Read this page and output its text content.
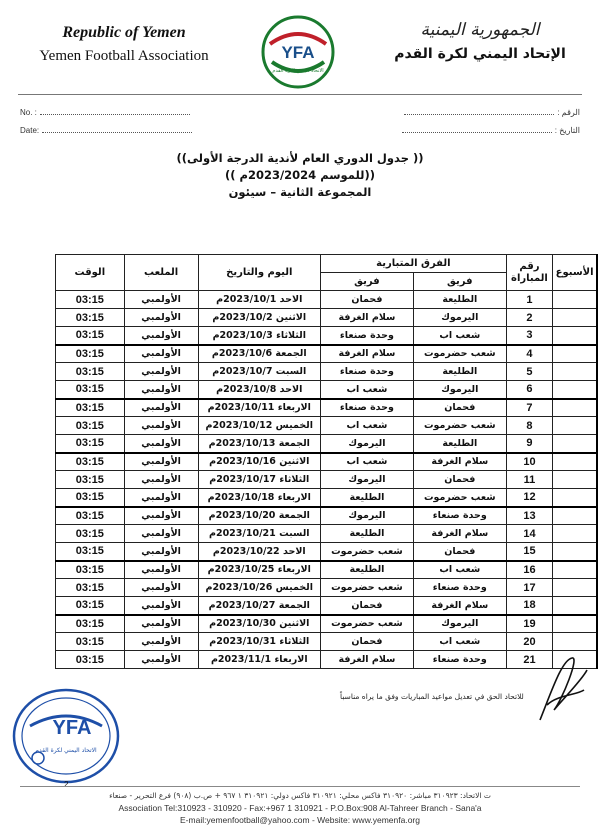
Republic of Yemen
Yemen Football Association	YFA
الاتحاد اليمني لكرة القدم
الجمهورية اليمنية
الإتحاد اليمني لكرة القدم
No. :
Date:
الرقم :
التاريخ :
(( جدول الدوري العام لأندية الدرجة الأولى))
((للموسم 2023/2024م ))
المجموعة الثانية – سيئون
الأسبوع	رقم المباراة	الفرق المتبارية		اليوم والتاريخ	الملعب	الوقت
		فريق	فريق			
	1	الطليعة	فحمان	الاحد 2023/10/1م	الأولمبي	03:15
	2	اليرموك	سلام الغرفة	الاثنين 2023/10/2م	الأولمبي	03:15
	3	شعب اب	وحدة صنعاء	الثلاثاء 2023/10/3م	الأولمبي	03:15
	4	شعب حضرموت	سلام الغرفة	الجمعة 2023/10/6م	الأولمبي	03:15
	5	الطليعة	وحدة صنعاء	السبت 2023/10/7م	الأولمبي	03:15
	6	اليرموك	شعب اب	الاحد 2023/10/8م	الأولمبي	03:15
	7	فحمان	وحدة صنعاء	الاربعاء 2023/10/11م	الأولمبي	03:15
	8	شعب حضرموت	شعب اب	الخميس 2023/10/12م	الأولمبي	03:15
	9	الطليعة	اليرموك	الجمعة 2023/10/13م	الأولمبي	03:15
	10	سلام الغرفة	شعب اب	الاثنين 2023/10/16م	الأولمبي	03:15
	11	فحمان	اليرموك	الثلاثاء 2023/10/17م	الأولمبي	03:15
	12	شعب حضرموت	الطليعة	الاربعاء 2023/10/18م	الأولمبي	03:15
	13	وحدة صنعاء	اليرموك	الجمعة 2023/10/20م	الأولمبي	03:15
	14	سلام الغرفة	الطليعة	السبت 2023/10/21م	الأولمبي	03:15
	15	فحمان	شعب حضرموت	الاحد 2023/10/22م	الأولمبي	03:15
	16	شعب اب	الطليعة	الاربعاء 2023/10/25م	الأولمبي	03:15
	17	وحدة صنعاء	شعب حضرموت	الخميس 2023/10/26م	الأولمبي	03:15
	18	سلام الغرفة	فحمان	الجمعة 2023/10/27م	الأولمبي	03:15
	19	اليرموك	شعب حضرموت	الاثنين 2023/10/30م	الأولمبي	03:15
	20	شعب اب	فحمان	الثلاثاء 2023/10/31م	الأولمبي	03:15
	21	وحدة صنعاء	سلام الغرفة	الاربعاء 2023/11/1م	الأولمبي	03:15
للاتحاد الحق في تعديل مواعيد المباريات وفق ما يراه مناسباً
YFA
الاتحاد اليمني لكرة القدم
2
ت الاتحاد: ٣١٠٩٢٣ مباشر: ٣١٠٩٢٠ فاكس محلي: ٣١٠٩٢١ فاكس دولي: ٣١٠٩٢١ ١ ٩٦٧ + ص.ب (٩٠٨) فرع التحرير - صنعاء
Association Tel:310923 - 310920 - Fax:+967 1 310921 - P.O.Box:908 Al-Tahreer Branch - Sana'a
E-mail:yemenfootball@yahoo.com - Website: www.yemenfa.org
